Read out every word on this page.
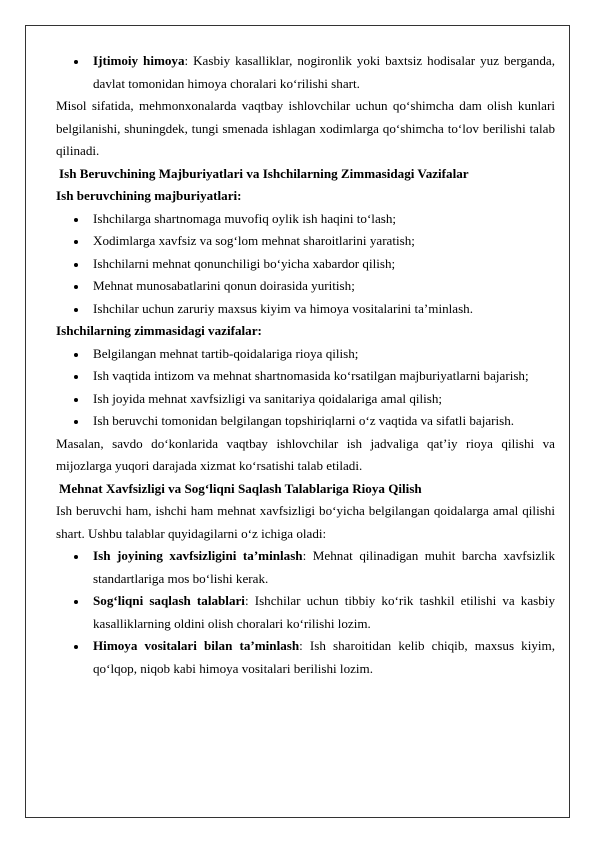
Ijtimoiy himoya: Kasbiy kasalliklar, nogironlik yoki baxtsiz hodisalar yuz berganda, davlat tomonidan himoya choralari ko‘rilishi shart.

Misol sifatida, mehmonxonalarda vaqtbay ishlovchilar uchun qo‘shimcha dam olish kunlari belgilanishi, shuningdek, tungi smenada ishlagan xodimlarga qo‘shimcha to‘lov berilishi talab qilinadi.

Ish Beruvchining Majburiyatlari va Ishchilarning Zimmasidagi Vazifalar

Ish beruvchining majburiyatlari:

Ishchilarga shartnomaga muvofiq oylik ish haqini to‘lash;
Xodimlarga xavfsiz va sog‘lom mehnat sharoitlarini yaratish;
Ishchilarni mehnat qonunchiligi bo‘yicha xabardor qilish;
Mehnat munosabatlarini qonun doirasida yuritish;
Ishchilar uchun zaruriy maxsus kiyim va himoya vositalarini ta’minlash.

Ishchilarning zimmasidagi vazifalar:

Belgilangan mehnat tartib-qoidalariga rioya qilish;
Ish vaqtida intizom va mehnat shartnomasida ko‘rsatilgan majburiyatlarni bajarish;
Ish joyida mehnat xavfsizligi va sanitariya qoidalariga amal qilish;
Ish beruvchi tomonidan belgilangan topshiriqlarni o‘z vaqtida va sifatli bajarish.

Masalan, savdo do‘konlarida vaqtbay ishlovchilar ish jadvaliga qat’iy rioya qilishi va mijozlarga yuqori darajada xizmat ko‘rsatishi talab etiladi.

Mehnat Xavfsizligi va Sog‘liqni Saqlash Talablariga Rioya Qilish

Ish beruvchi ham, ishchi ham mehnat xavfsizligi bo‘yicha belgilangan qoidalarga amal qilishi shart. Ushbu talablar quyidagilarni o‘z ichiga oladi:

Ish joyining xavfsizligini ta’minlash: Mehnat qilinadigan muhit barcha xavfsizlik standartlariga mos bo‘lishi kerak.
Sog‘liqni saqlash talablari: Ishchilar uchun tibbiy ko‘rik tashkil etilishi va kasbiy kasalliklarning oldini olish choralari ko‘rilishi lozim.
Himoya vositalari bilan ta’minlash: Ish sharoitidan kelib chiqib, maxsus kiyim, qo‘lqop, niqob kabi himoya vositalari berilishi lozim.
